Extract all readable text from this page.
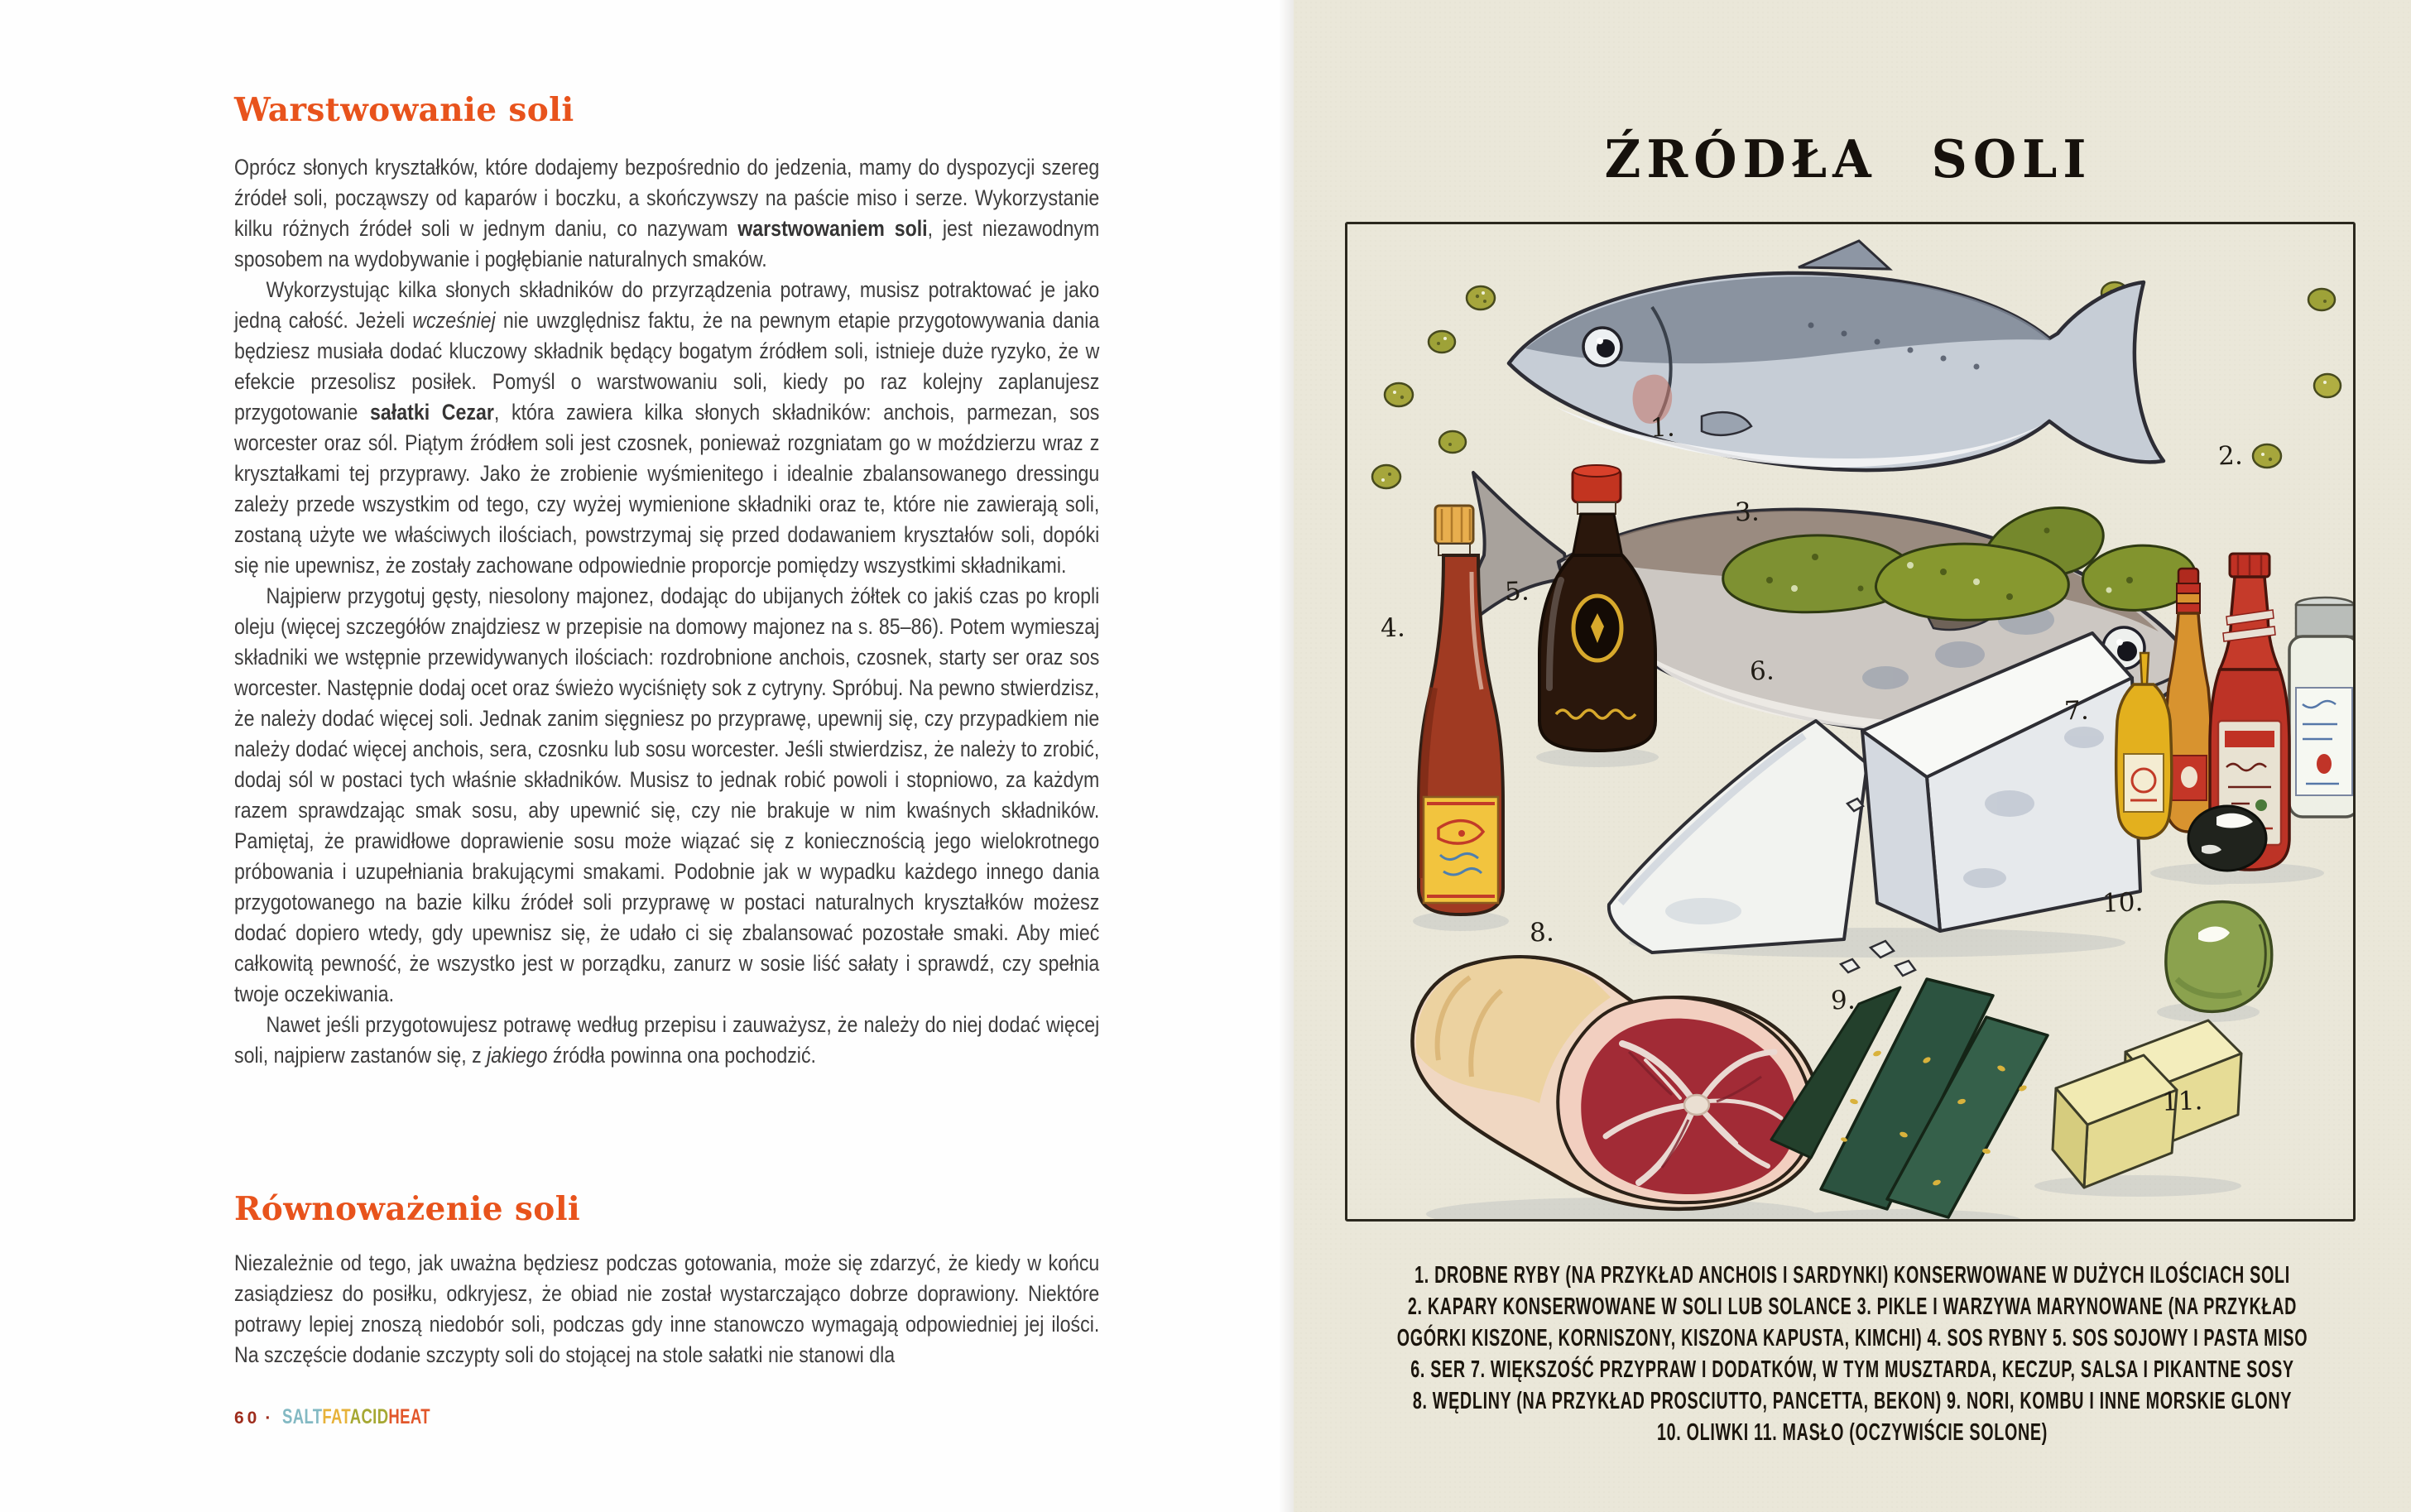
Warstwowanie soli

Oprócz słonych kryształków, które dodajemy bezpośrednio do jedzenia, mamy do dyspozycji szereg źródeł soli, począwszy od kaparów i boczku, a skończywszy na paście miso i serze. Wykorzystanie kilku różnych źródeł soli w jednym daniu, co nazywam warstwowaniem soli, jest niezawodnym sposobem na wydobywanie i pogłębianie naturalnych smaków.

Wykorzystując kilka słonych składników do przyrządzenia potrawy, musisz potraktować je jako jedną całość. Jeżeli wcześniej nie uwzględnisz faktu, że na pewnym etapie przygotowywania dania będziesz musiała dodać kluczowy składnik będący bogatym źródłem soli, istnieje duże ryzyko, że w efekcie przesolisz posiłek. Pomyśl o warstwowaniu soli, kiedy po raz kolejny zaplanujesz przygotowanie sałatki Cezar, która zawiera kilka słonych składników: anchois, parmezan, sos worcester oraz sól. Piątym źródłem soli jest czosnek, ponieważ rozgniatam go w moździerzu wraz z kryształkami tej przyprawy. Jako że zrobienie wyśmienitego i idealnie zbalansowanego dressingu zależy przede wszystkim od tego, czy wyżej wymienione składniki oraz te, które nie zawierają soli, zostaną użyte we właściwych ilościach, powstrzymaj się przed dodawaniem kryształów soli, dopóki się nie upewnisz, że zostały zachowane odpowiednie proporcje pomiędzy wszystkimi składnikami.

Najpierw przygotuj gęsty, niesolony majonez, dodając do ubijanych żółtek co jakiś czas po kropli oleju (więcej szczegółów znajdziesz w przepisie na domowy majonez na s. 85–86). Potem wymieszaj składniki we wstępnie przewidywanych ilościach: rozdrobnione anchois, czosnek, starty ser oraz sos worcester. Następnie dodaj ocet oraz świeżo wyciśnięty sok z cytryny. Spróbuj. Na pewno stwierdzisz, że należy dodać więcej soli. Jednak zanim sięgniesz po przyprawę, upewnij się, czy przypadkiem nie należy dodać więcej anchois, sera, czosnku lub sosu worcester. Jeśli stwierdzisz, że należy to zrobić, dodaj sól w postaci tych właśnie składników. Musisz to jednak robić powoli i stopniowo, za każdym razem sprawdzając smak sosu, aby upewnić się, czy nie brakuje w nim kwaśnych składników. Pamiętaj, że prawidłowe doprawienie sosu może wiązać się z koniecznością jego wielokrotnego próbowania i uzupełniania brakującymi smakami. Podobnie jak w wypadku każdego innego dania przygotowanego na bazie kilku źródeł soli przyprawę w postaci naturalnych kryształków możesz dodać dopiero wtedy, gdy upewnisz się, że udało ci się zbalansować pozostałe smaki. Aby mieć całkowitą pewność, że wszystko jest w porządku, zanurz w sosie liść sałaty i sprawdź, czy spełnia twoje oczekiwania.

Nawet jeśli przygotowujesz potrawę według przepisu i zauważysz, że należy do niej dodać więcej soli, najpierw zastanów się, z jakiego źródła powinna ona pochodzić.

Równoważenie soli

Niezależnie od tego, jak uważna będziesz podczas gotowania, może się zdarzyć, że kiedy w końcu zasiądziesz do posiłku, odkryjesz, że obiad nie został wystarczająco dobrze doprawiony. Niektóre potrawy lepiej znoszą niedobór soli, podczas gdy inne stanowczo wymagają odpowiedniej jej ilości. Na szczęście dodanie szczypty soli do stojącej na stole sałatki nie stanowi dla

60 · SALTFATACIDHEAT
ŹRÓDŁA SOLI
1.
2.
3.
4.
5.
6.
7.
8.
9.
10.
11.
1. DROBNE RYBY (NA PRZYKŁAD ANCHOIS I SARDYNKI) KONSERWOWANE W DUŻYCH ILOŚCIACH SOLI
2. KAPARY KONSERWOWANE W SOLI LUB SOLANCE 3. PIKLE I WARZYWA MARYNOWANE (NA PRZYKŁAD
OGÓRKI KISZONE, KORNISZONY, KISZONA KAPUSTA, KIMCHI) 4. SOS RYBNY 5. SOS SOJOWY I PASTA MISO
6. SER 7. WIĘKSZOŚĆ PRZYPRAW I DODATKÓW, W TYM MUSZTARDA, KECZUP, SALSA I PIKANTNE SOSY
8. WĘDLINY (NA PRZYKŁAD PROSCIUTTO, PANCETTA, BEKON) 9. NORI, KOMBU I INNE MORSKIE GLONY
10. OLIWKI 11. MASŁO (OCZYWIŚCIE SOLONE)
